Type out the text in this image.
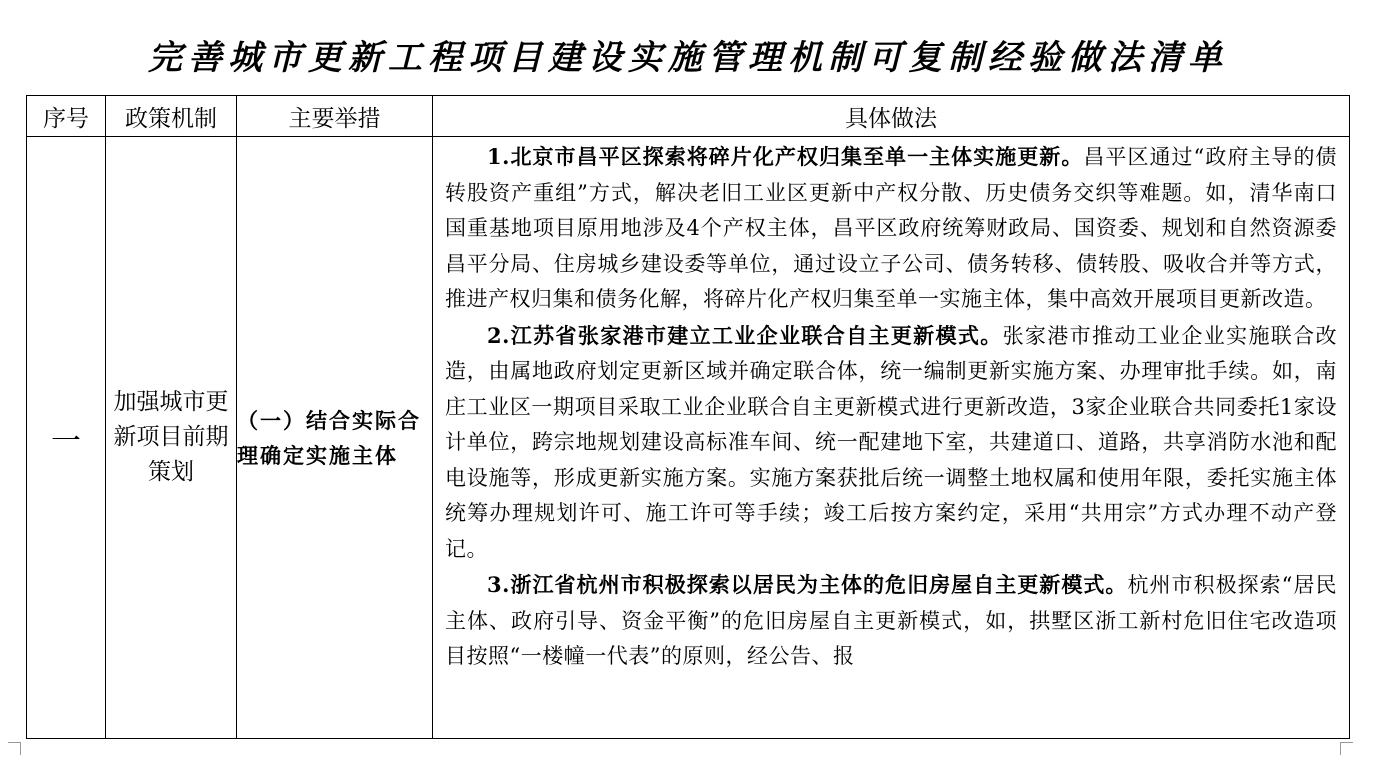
完善城市更新工程项目建设实施管理机制可复制经验做法清单
序号	政策机制	主要举措	具体做法
一	加强城市更新项目前期策划	（一）结合实际合理确定实施主体	1.北京市昌平区探索将碎片化产权归集至单一主体实施更新。昌平区通过“政府主导的债转股资产重组”方式，解决老旧工业区更新中产权分散、历史债务交织等难题。如，清华南口国重基地项目原用地涉及4个产权主体，昌平区政府统筹财政局、国资委、规划和自然资源委昌平分局、住房城乡建设委等单位，通过设立子公司、债务转移、债转股、吸收合并等方式，推进产权归集和债务化解，将碎片化产权归集至单一实施主体，集中高效开展项目更新改造。

2.江苏省张家港市建立工业企业联合自主更新模式。张家港市推动工业企业实施联合改造，由属地政府划定更新区域并确定联合体，统一编制更新实施方案、办理审批手续。如，南庄工业区一期项目采取工业企业联合自主更新模式进行更新改造，3家企业联合共同委托1家设计单位，跨宗地规划建设高标准车间、统一配建地下室，共建道口、道路，共享消防水池和配电设施等，形成更新实施方案。实施方案获批后统一调整土地权属和使用年限，委托实施主体统筹办理规划许可、施工许可等手续；竣工后按方案约定，采用“共用宗”方式办理不动产登记。

3.浙江省杭州市积极探索以居民为主体的危旧房屋自主更新模式。杭州市积极探索“居民主体、政府引导、资金平衡”的危旧房屋自主更新模式，如，拱墅区浙工新村危旧住宅改造项目按照“一楼幢一代表”的原则，经公告、报
